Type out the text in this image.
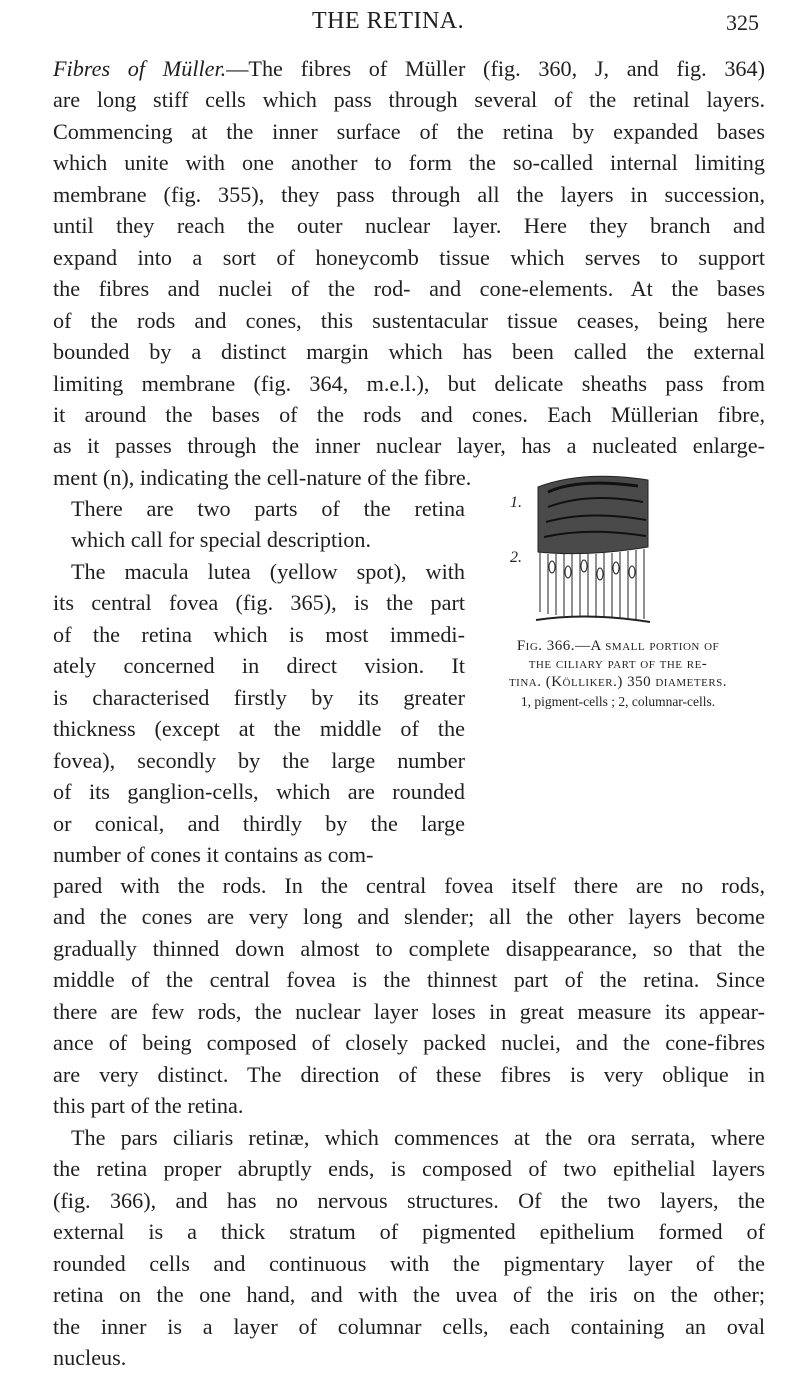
THE RETINA.	325

Fibres of Müller.—The fibres of Müller (fig. 360, J, and fig. 364)
are long stiff cells which pass through several of the retinal layers.
Commencing at the inner surface of the retina by expanded bases
which unite with one another to form the so-called internal limiting
membrane (fig. 355), they pass through all the layers in succession,
until they reach the outer nuclear layer. Here they branch and
expand into a sort of honeycomb tissue which serves to support
the fibres and nuclei of the rod- and cone-elements. At the bases
of the rods and cones, this sustentacular tissue ceases, being here
bounded by a distinct margin which has been called the external
limiting membrane (fig. 364, m.e.l.), but delicate sheaths pass from
it around the bases of the rods and cones. Each Müllerian fibre,
as it passes through the inner nuclear layer, has a nucleated enlarge-
ment (n), indicating the cell-nature of the fibre.

There are two parts of the retina
which call for special description.

The macula lutea (yellow spot), with
its central fovea (fig. 365), is the part
of the retina which is most immedi-
ately concerned in direct vision. It
is characterised firstly by its greater
thickness (except at the middle of the
fovea), secondly by the large number
of its ganglion-cells, which are rounded
or conical, and thirdly by the large
number of cones it contains as com-

pared with the rods. In the central fovea itself there are no rods,
and the cones are very long and slender; all the other layers become
gradually thinned down almost to complete disappearance, so that the
middle of the central fovea is the thinnest part of the retina. Since
there are few rods, the nuclear layer loses in great measure its appear-
ance of being composed of closely packed nuclei, and the cone-fibres
are very distinct. The direction of these fibres is very oblique in
this part of the retina.

The pars ciliaris retinæ, which commences at the ora serrata, where
the retina proper abruptly ends, is composed of two epithelial layers
(fig. 366), and has no nervous structures. Of the two layers, the
external is a thick stratum of pigmented epithelium formed of
rounded cells and continuous with the pigmentary layer of the
retina on the one hand, and with the uvea of the iris on the other;
the inner is a layer of columnar cells, each containing an oval
nucleus.

1.
2.
Fig. 366.—A small portion of
the ciliary part of the re-
tina. (Kölliker.) 350 diameters.
1, pigment-cells ; 2, columnar-cells.
